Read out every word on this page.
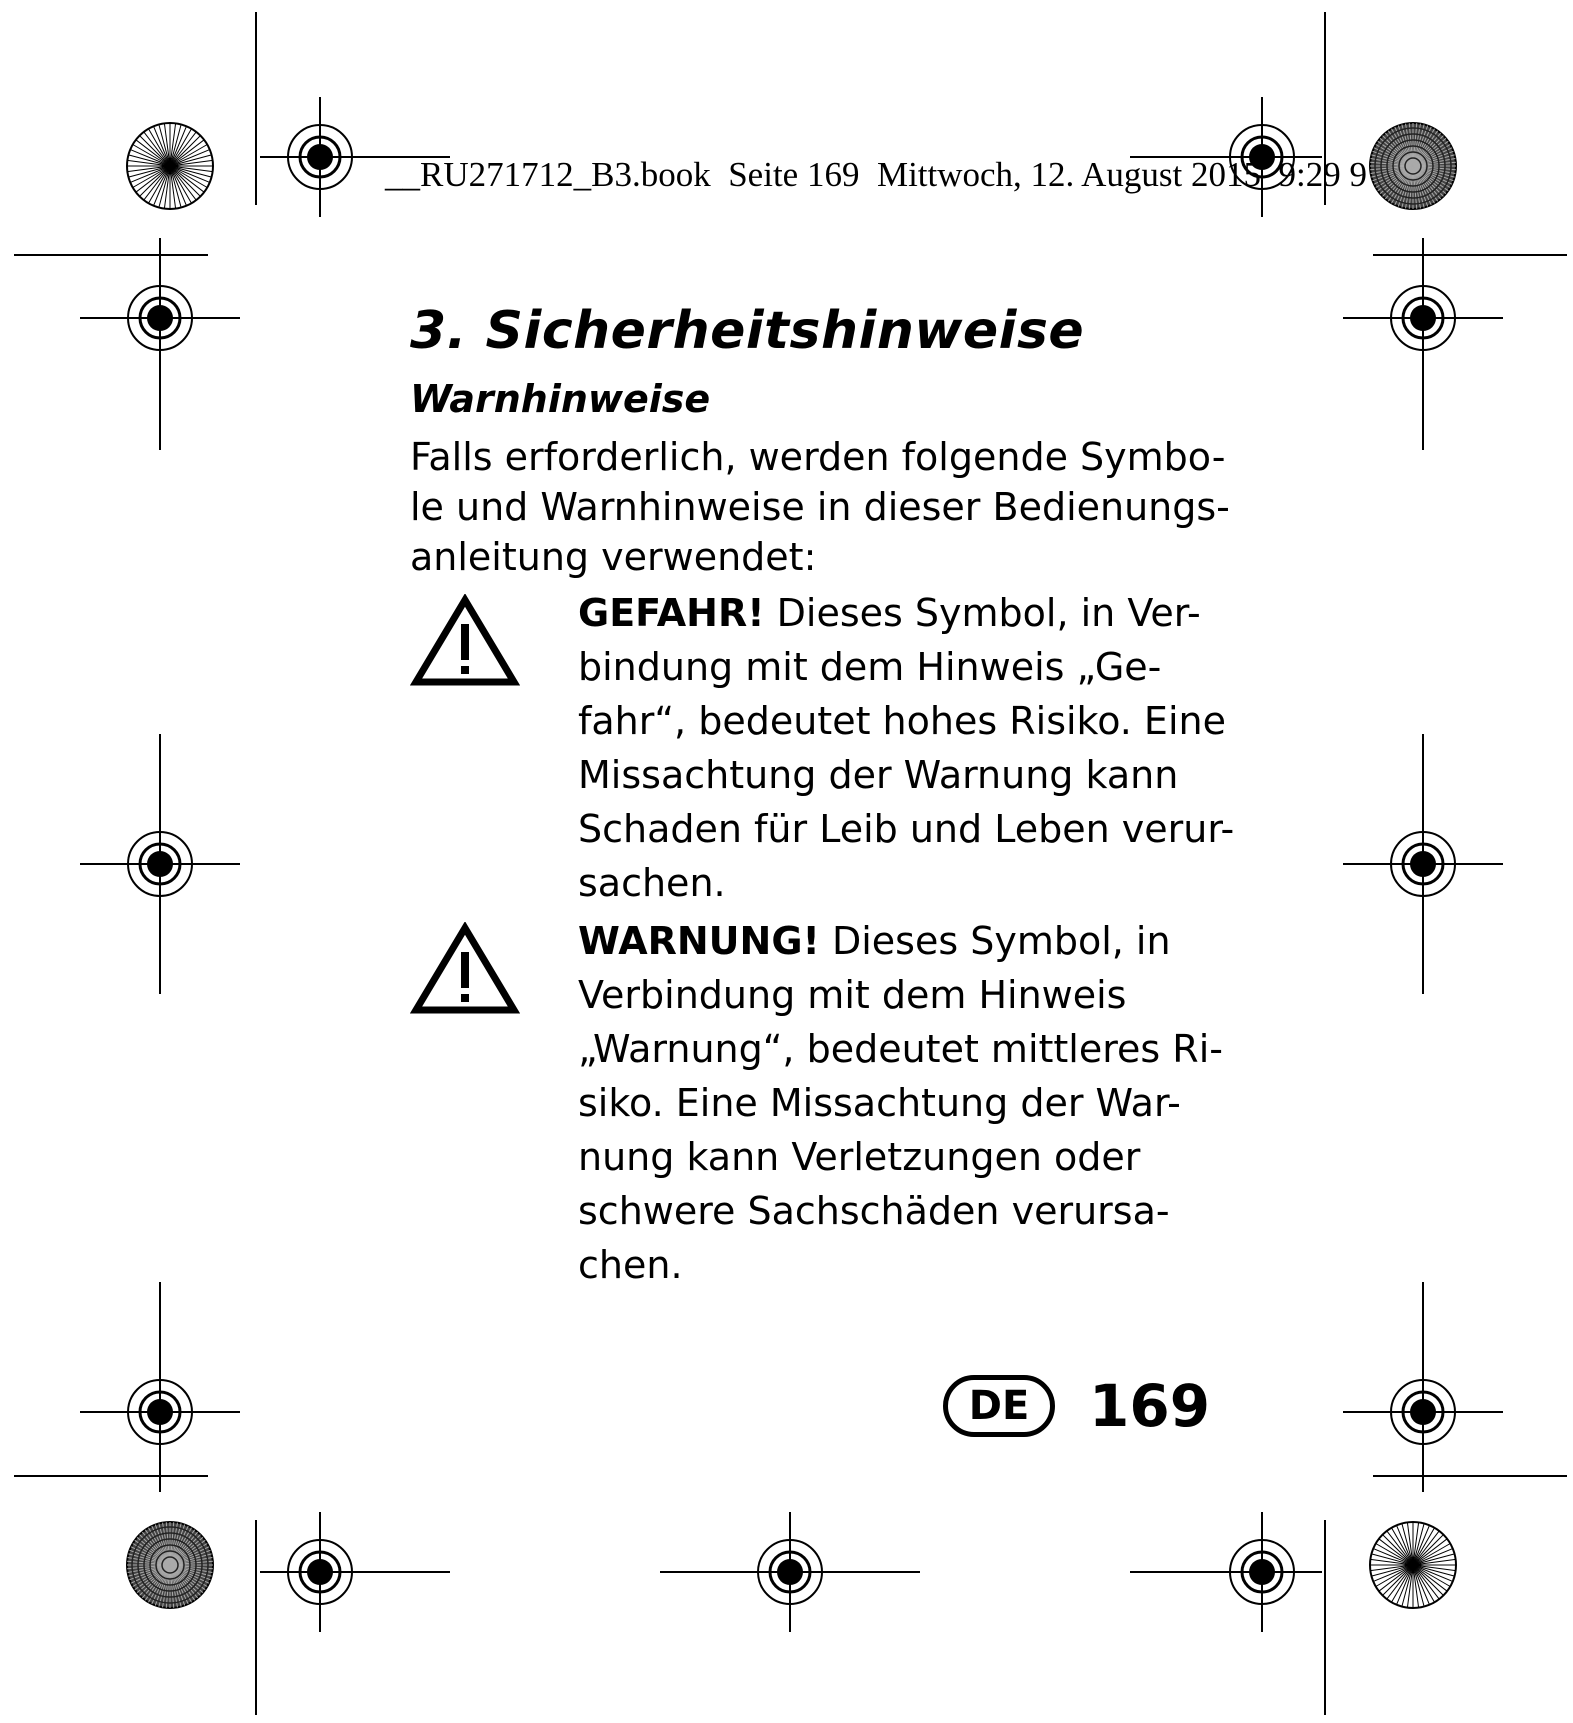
__RU271712_B3.book  Seite 169  Mittwoch, 12. August 2015  9:29 9
3. Sicherheitshinweise
Warnhinweise

Falls erforderlich, werden folgende Symbo-
le und Warnhinweise in dieser Bedienungs-
anleitung verwendet:

GEFAHR! Dieses Symbol, in Ver-
bindung mit dem Hinweis „Ge-
fahr“, bedeutet hohes Risiko. Eine
Missachtung der Warnung kann
Schaden für Leib und Leben verur-
sachen.
WARNUNG! Dieses Symbol, in
Verbindung mit dem Hinweis
„Warnung“, bedeutet mittleres Ri-
siko. Eine Missachtung der War-
nung kann Verletzungen oder
schwere Sachschäden verursa-
chen.
DE	169
